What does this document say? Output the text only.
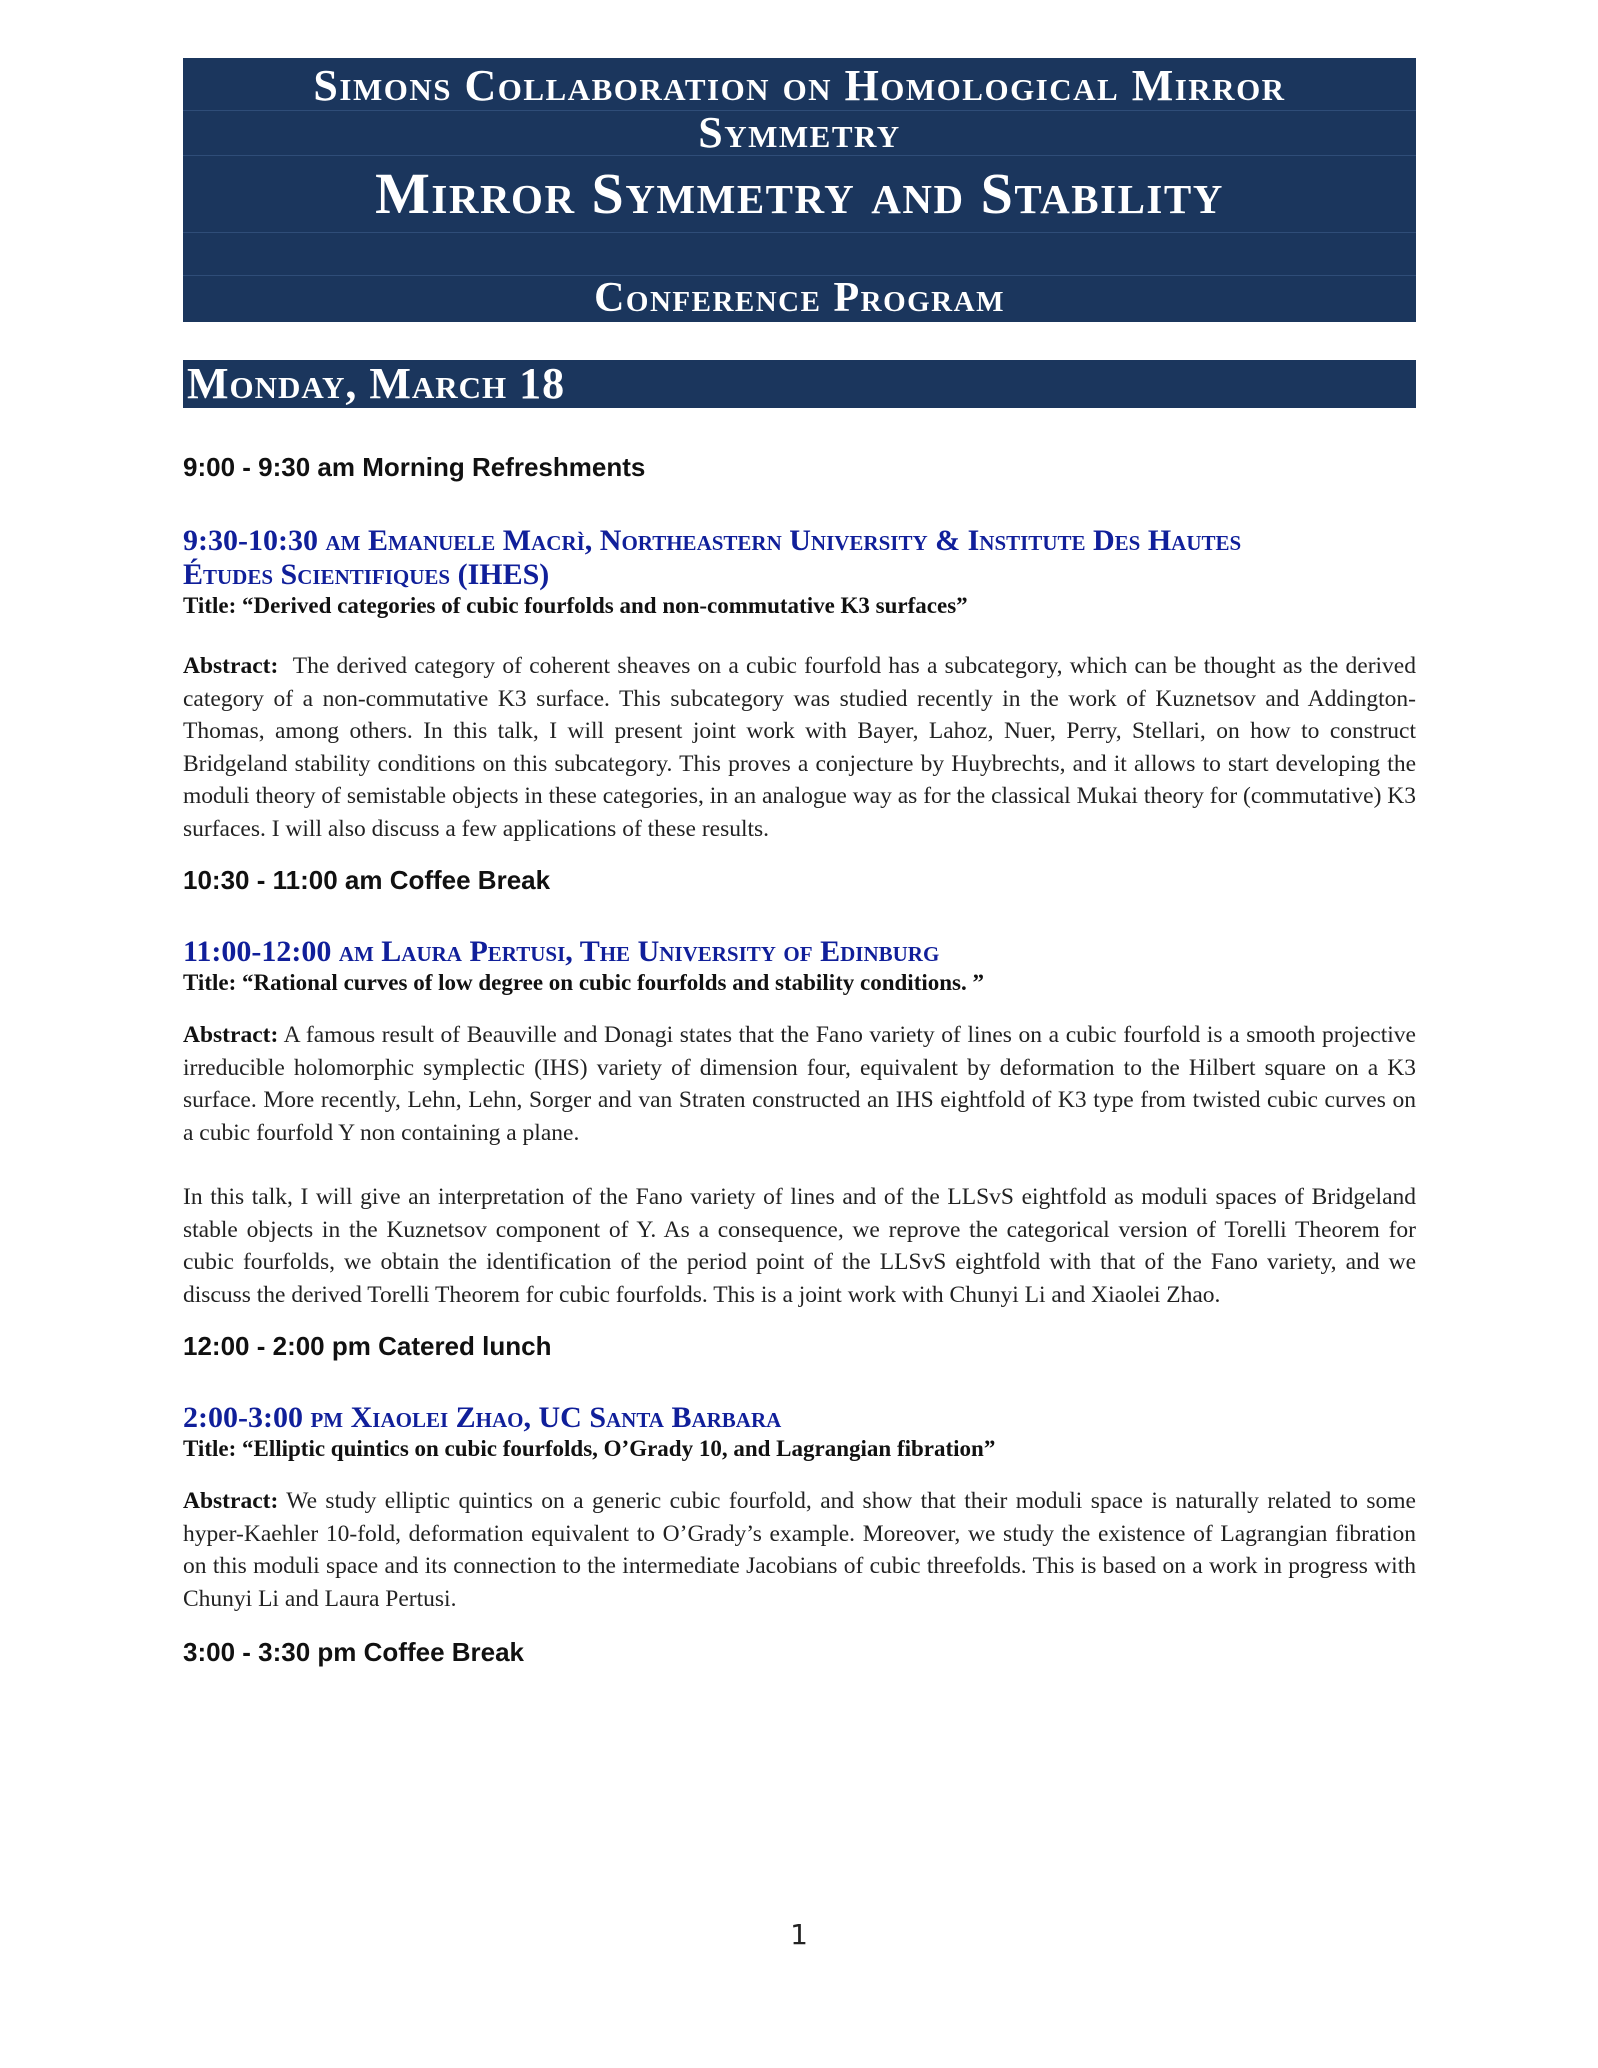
Simons Collaboration on Homological Mirror
Symmetry
Mirror Symmetry and Stability
Conference Program
Monday, March 18
9:00 - 9:30 am Morning Refreshments
9:30-10:30 am Emanuele Macrì, Northeastern University & Institute Des Hautes
Études Scientifiques (IHES)
Title: “Derived categories of cubic fourfolds and non-commutative K3 surfaces”
Abstract: The derived category of coherent sheaves on a cubic fourfold has a subcategory, which can be thought as the derived category of a non-commutative K3 surface. This subcategory was studied recently in the work of Kuznetsov and Addington-Thomas, among others. In this talk, I will present joint work with Bayer, Lahoz, Nuer, Perry, Stellari, on how to construct Bridgeland stability conditions on this subcategory. This proves a conjecture by Huybrechts, and it allows to start developing the moduli theory of semistable objects in these categories, in an analogue way as for the classical Mukai theory for (commutative) K3 surfaces. I will also discuss a few applications of these results.
10:30 - 11:00 am Coffee Break
11:00-12:00 am Laura Pertusi, The University of Edinburg
Title: “Rational curves of low degree on cubic fourfolds and stability conditions. ”
Abstract: A famous result of Beauville and Donagi states that the Fano variety of lines on a cubic fourfold is a smooth projective irreducible holomorphic symplectic (IHS) variety of dimension four, equivalent by deformation to the Hilbert square on a K3 surface. More recently, Lehn, Lehn, Sorger and van Straten constructed an IHS eightfold of K3 type from twisted cubic curves on a cubic fourfold Y non containing a plane.
In this talk, I will give an interpretation of the Fano variety of lines and of the LLSvS eightfold as moduli spaces of Bridgeland stable objects in the Kuznetsov component of Y. As a consequence, we reprove the categorical version of Torelli Theorem for cubic fourfolds, we obtain the identification of the period point of the LLSvS eightfold with that of the Fano variety, and we discuss the derived Torelli Theorem for cubic fourfolds. This is a joint work with Chunyi Li and Xiaolei Zhao.
12:00 - 2:00 pm Catered lunch
2:00-3:00 pm Xiaolei Zhao, UC Santa Barbara
Title: “Elliptic quintics on cubic fourfolds, O’Grady 10, and Lagrangian fibration”
Abstract: We study elliptic quintics on a generic cubic fourfold, and show that their moduli space is naturally related to some hyper-Kaehler 10-fold, deformation equivalent to O’Grady’s example. Moreover, we study the existence of Lagrangian fibration on this moduli space and its connection to the intermediate Jacobians of cubic threefolds. This is based on a work in progress with Chunyi Li and Laura Pertusi.
3:00 - 3:30 pm Coffee Break
1
